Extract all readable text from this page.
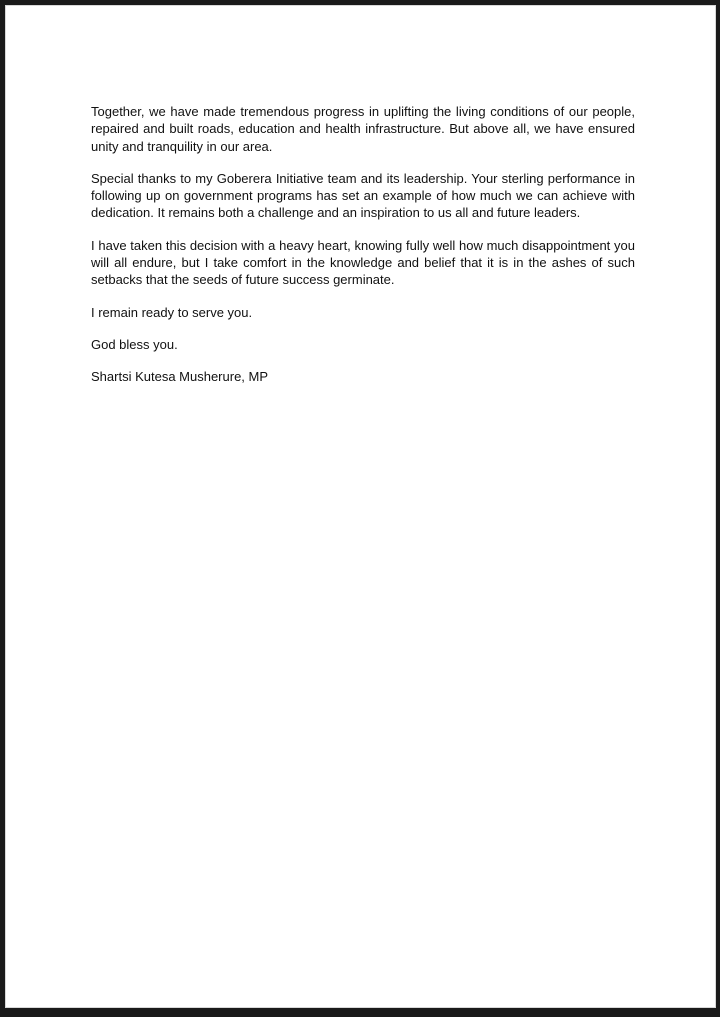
Together, we have made tremendous progress in uplifting the living conditions of our people, repaired and built roads, education and health infrastructure. But above all, we have ensured unity and tranquility in our area.

Special thanks to my Goberera Initiative team and its leadership. Your sterling performance in following up on government programs has set an example of how much we can achieve with dedication. It remains both a challenge and an inspiration to us all and future leaders.

I have taken this decision with a heavy heart, knowing fully well how much disappointment you will all endure, but I take comfort in the knowledge and belief that it is in the ashes of such setbacks that the seeds of future success germinate.

I remain ready to serve you.

God bless you.

Shartsi Kutesa Musherure, MP
